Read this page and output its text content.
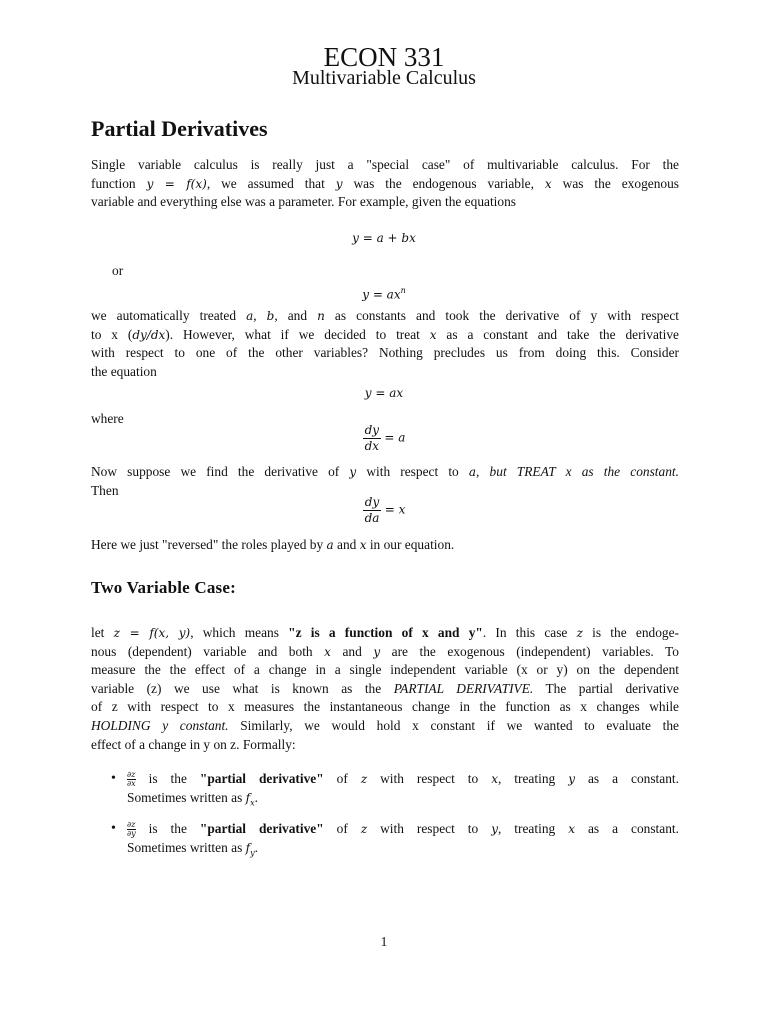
ECON 331
Multivariable Calculus
Partial Derivatives

Single variable calculus is really just a "special case" of multivariable calculus. For the

function y = f(x), we assumed that y was the endogenous variable, x was the exogenous

variable and everything else was a parameter. For example, given the equations

y = a + bx
or
$y = ax^n$

we automatically treated a, b, and n as constants and took the derivative of y with respect

to x (dy/dx). However, what if we decided to treat x as a constant and take the derivative

with respect to one of the other variables? Nothing precludes us from doing this. Consider

the equation

y = ax
where
$\frac{dy}{dx} = a$

Now suppose we find the derivative of y with respect to a, but TREAT x as the constant.

Then

$\frac{dy}{da} = x$

Here we just "reversed" the roles played by a and x in our equation.

Two Variable Case:

let z = f(x, y), which means "z is a function of x and y". In this case z is the endoge-

nous (dependent) variable and both x and y are the exogenous (independent) variables. To

measure the the effect of a change in a single independent variable (x or y) on the dependent

variable (z) we use what is known as the PARTIAL DERIVATIVE. The partial derivative

of z with respect to x measures the instantaneous change in the function as x changes while

HOLDING y constant. Similarly, we would hold x constant if we wanted to evaluate the

effect of a change in y on z. Formally:

• $\frac{\partial z}{\partial x}$ is the "partial derivative" of z with respect to x, treating y as a constant.

Sometimes written as $f_x$.

• $\frac{\partial z}{\partial y}$ is the "partial derivative" of z with respect to y, treating x as a constant.

Sometimes written as $f_y$.

1
